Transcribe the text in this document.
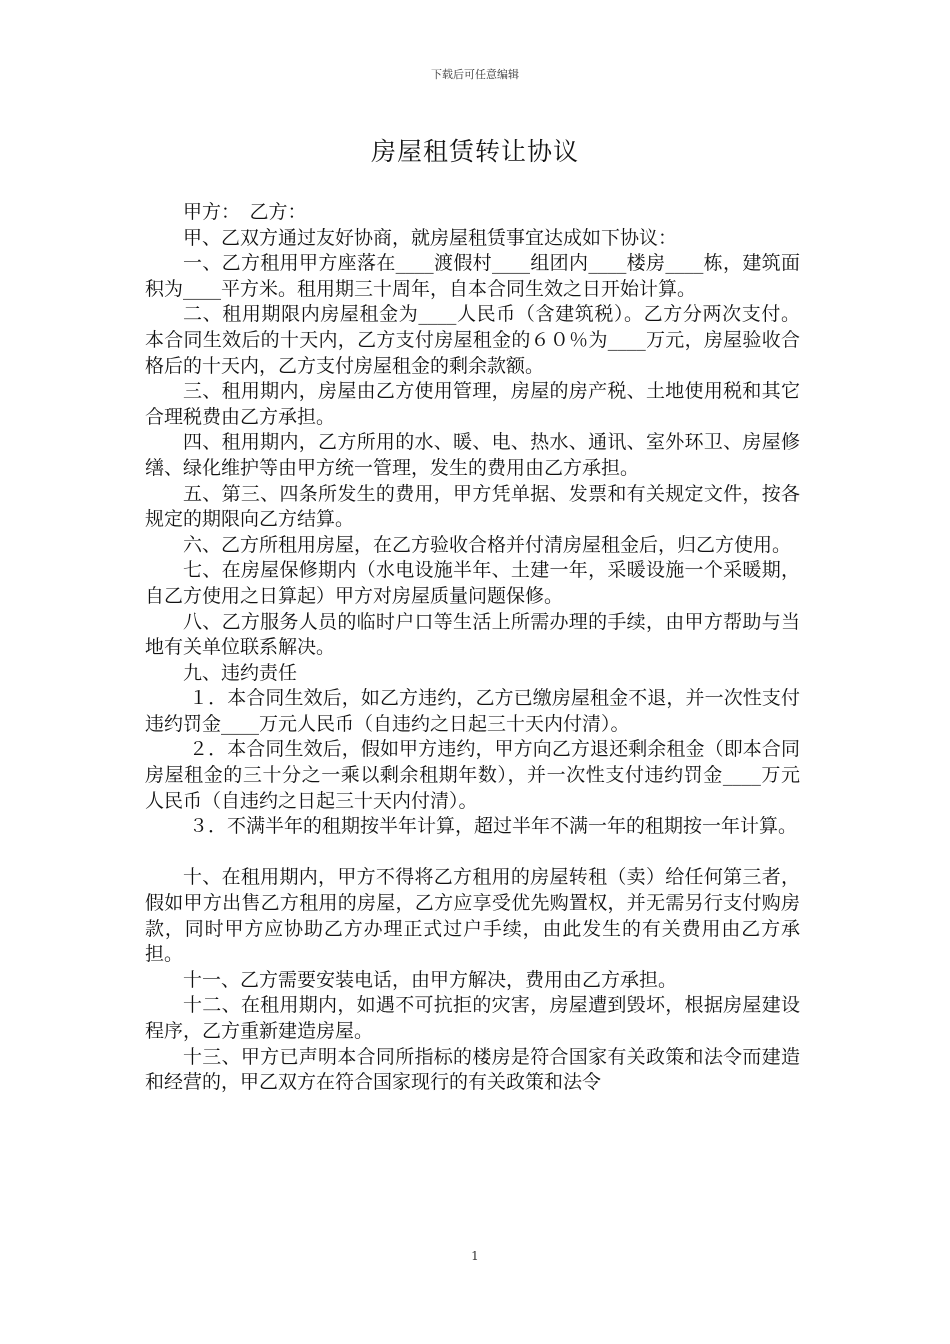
下载后可任意编辑
房屋租赁转让协议

甲方：　乙方：

甲、乙双方通过友好协商，就房屋租赁事宜达成如下协议：

一、乙方租用甲方座落在____渡假村____组团内____楼房____栋，建筑面积为____平方米。租用期三十周年，自本合同生效之日开始计算。

二、租用期限内房屋租金为____人民币（含建筑税）。乙方分两次支付。本合同生效后的十天内，乙方支付房屋租金的６０％为____万元，房屋验收合格后的十天内，乙方支付房屋租金的剩余款额。

三、租用期内，房屋由乙方使用管理，房屋的房产税、土地使用税和其它合理税费由乙方承担。

四、租用期内，乙方所用的水、暖、电、热水、通讯、室外环卫、房屋修缮、绿化维护等由甲方统一管理，发生的费用由乙方承担。

五、第三、四条所发生的费用，甲方凭单据、发票和有关规定文件，按各规定的期限向乙方结算。

六、乙方所租用房屋，在乙方验收合格并付清房屋租金后，归乙方使用。

七、在房屋保修期内（水电设施半年、土建一年，采暖设施一个采暖期，自乙方使用之日算起）甲方对房屋质量问题保修。

八、乙方服务人员的临时户口等生活上所需办理的手续，由甲方帮助与当地有关单位联系解决。

九、违约责任

１．本合同生效后，如乙方违约，乙方已缴房屋租金不退，并一次性支付违约罚金____万元人民币（自违约之日起三十天内付清）。

２．本合同生效后，假如甲方违约，甲方向乙方退还剩余租金（即本合同房屋租金的三十分之一乘以剩余租期年数），并一次性支付违约罚金____万元人民币（自违约之日起三十天内付清）。

３．不满半年的租期按半年计算，超过半年不满一年的租期按一年计算。

十、在租用期内，甲方不得将乙方租用的房屋转租（卖）给任何第三者，假如甲方出售乙方租用的房屋，乙方应享受优先购置权，并无需另行支付购房款，同时甲方应协助乙方办理正式过户手续，由此发生的有关费用由乙方承担。

十一、乙方需要安装电话，由甲方解决，费用由乙方承担。

十二、在租用期内，如遇不可抗拒的灾害，房屋遭到毁坏，根据房屋建设程序，乙方重新建造房屋。

十三、甲方已声明本合同所指标的楼房是符合国家有关政策和法令而建造和经营的，甲乙双方在符合国家现行的有关政策和法令

1
